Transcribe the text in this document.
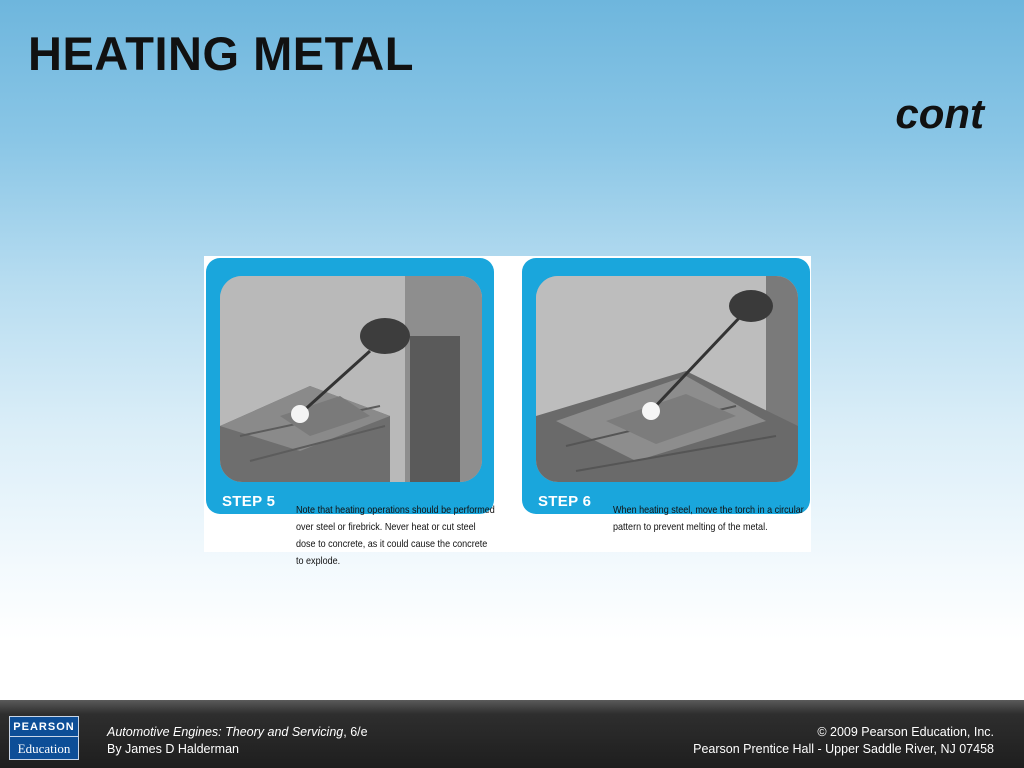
HEATING METAL
cont
STEP 5	STEP 6
Note that heating operations should be performed over steel or firebrick. Never heat or cut steel dose to concrete, as it could cause the concrete to explode.
When heating steel, move the torch in a circular pattern to prevent melting of the metal.
PEARSON
Education
Automotive Engines: Theory and Servicing, 6/e
By James D Halderman
© 2009 Pearson Education, Inc.
Pearson Prentice Hall - Upper Saddle River, NJ 07458
